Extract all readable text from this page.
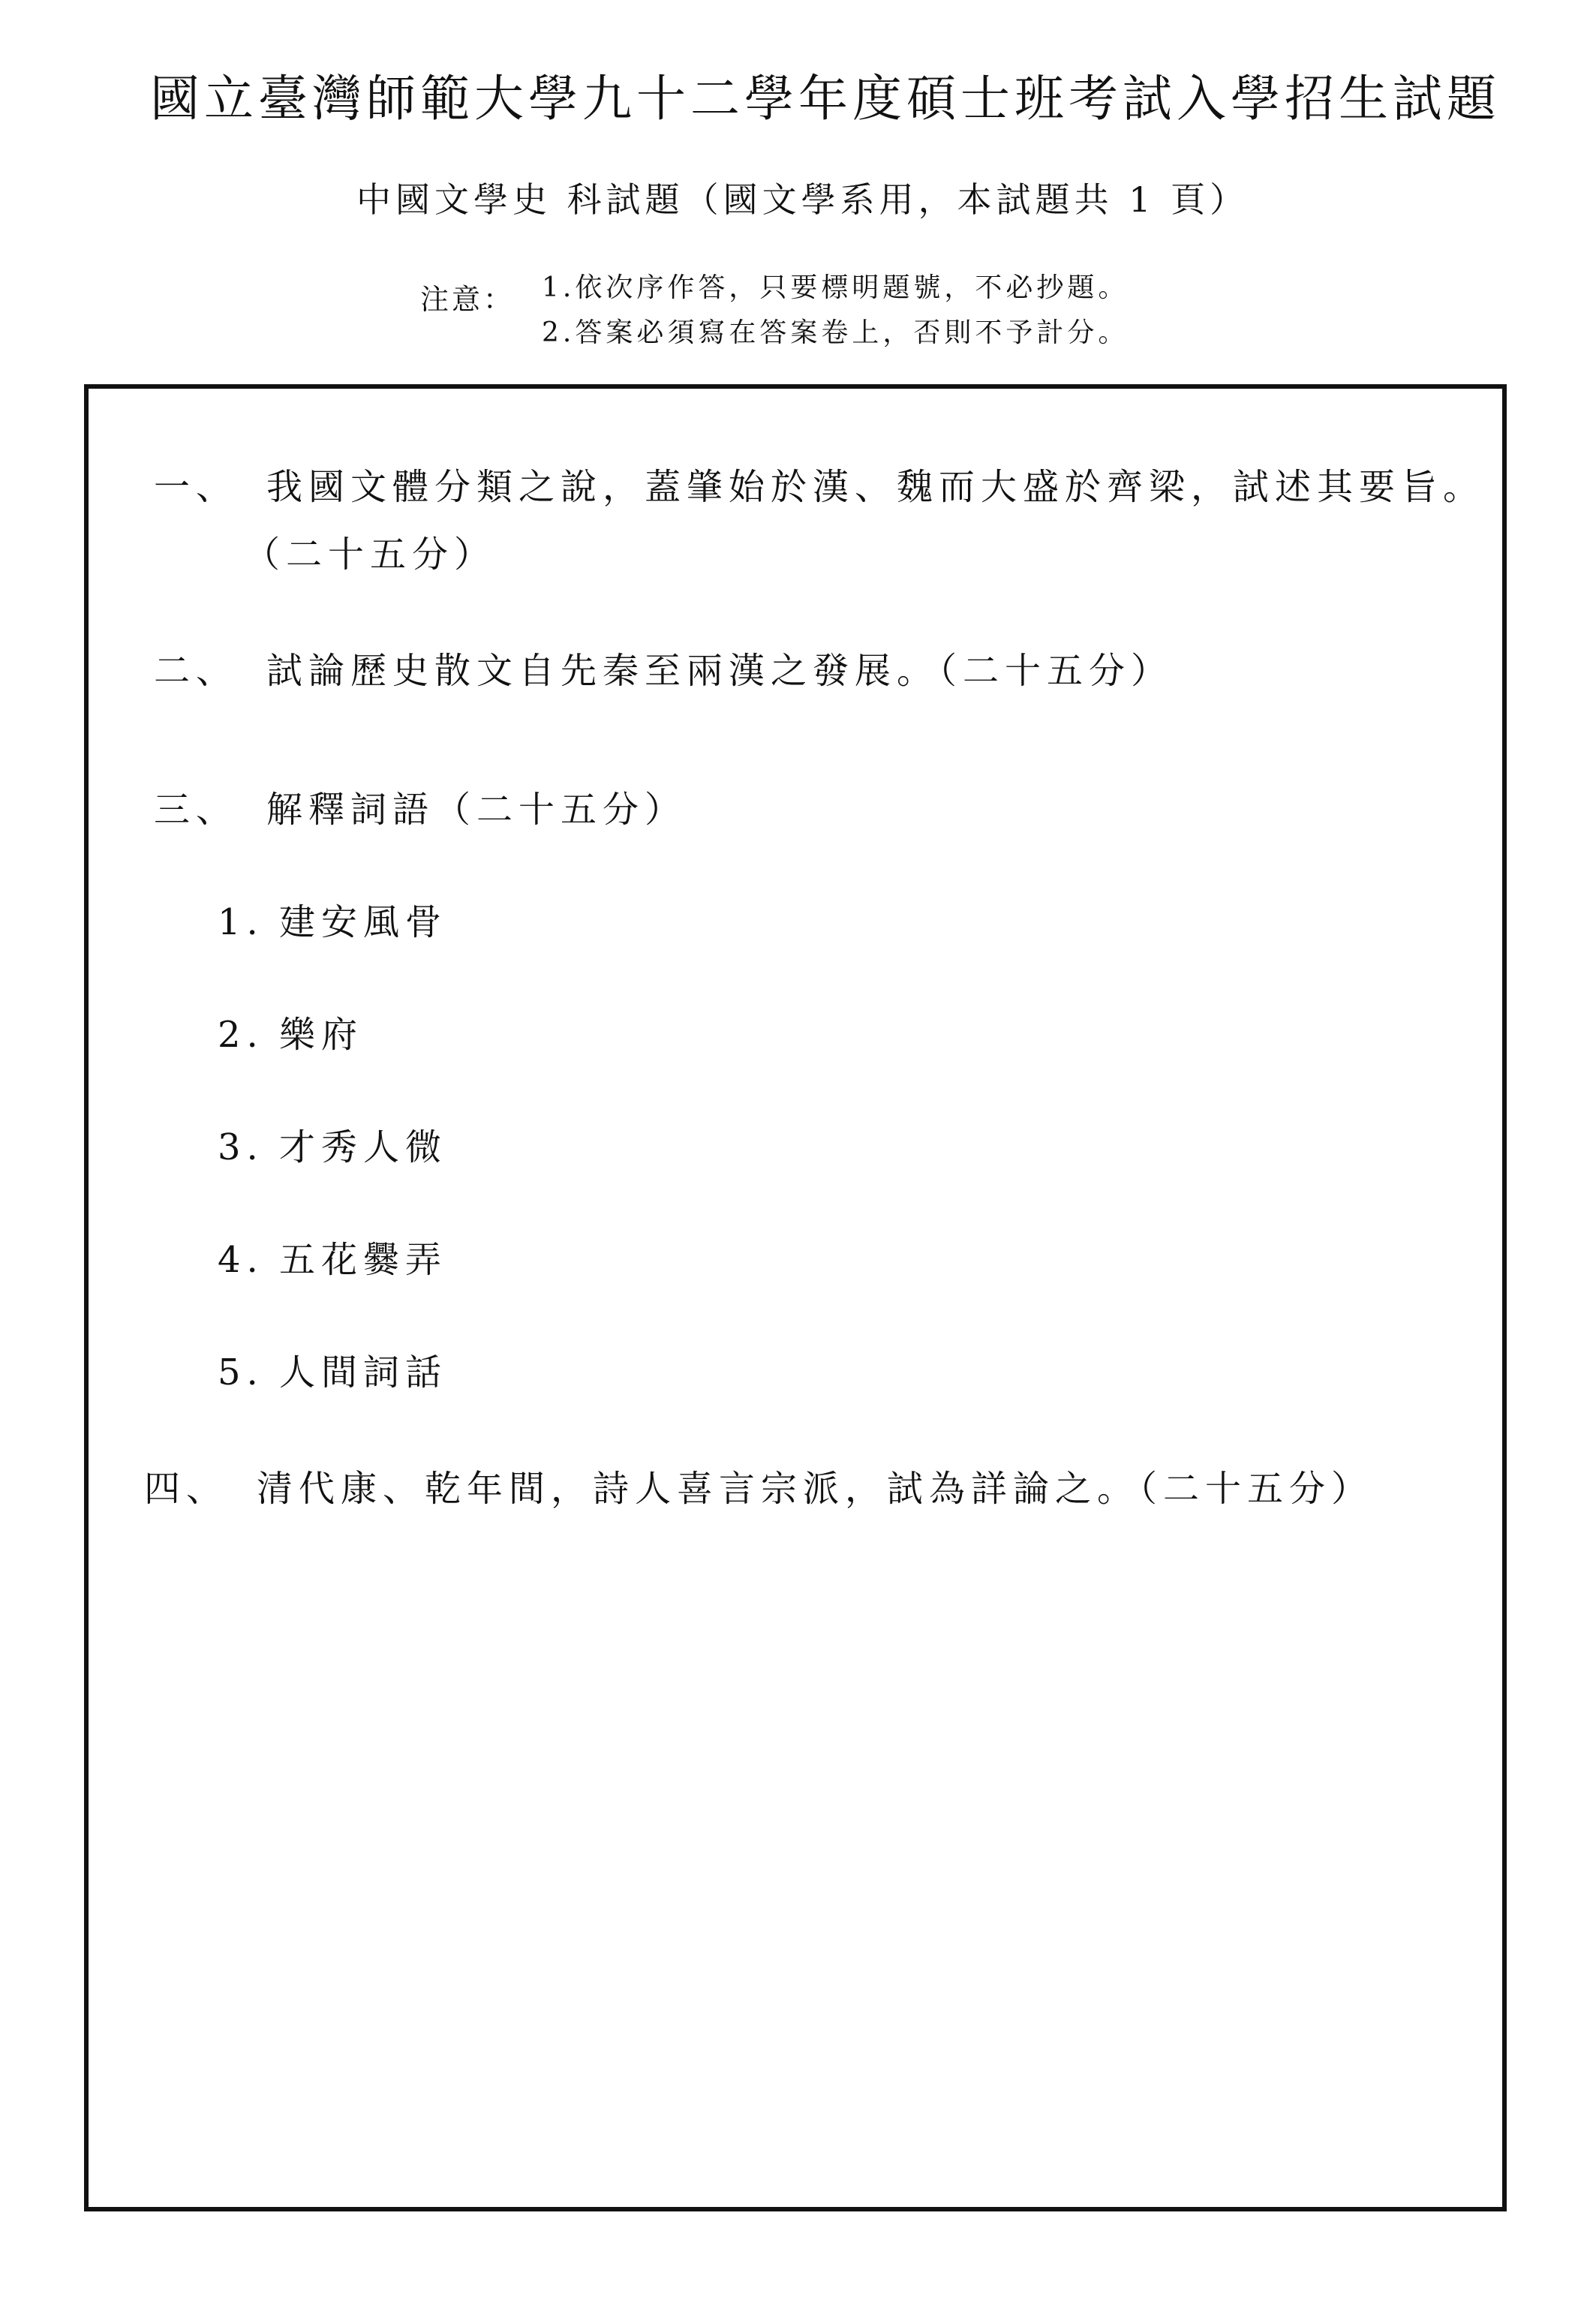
國立臺灣師範大學九十二學年度碩士班考試入學招生試題
中國文學史 科試題（國文學系用，本試題共 1 頁）
注意： 1.依次序作答，只要標明題號，不必抄題。
2.答案必須寫在答案卷上，否則不予計分。
一、 我國文體分類之說，蓋肇始於漢、魏而大盛於齊梁，試述其要旨。
（二十五分）
二、 試論歷史散文自先秦至兩漢之發展。（二十五分）
三、 解釋詞語（二十五分）
1. 建安風骨
2. 樂府
3. 才秀人微
4. 五花爨弄
5. 人間詞話
四、 清代康、乾年間，詩人喜言宗派，試為詳論之。（二十五分）
